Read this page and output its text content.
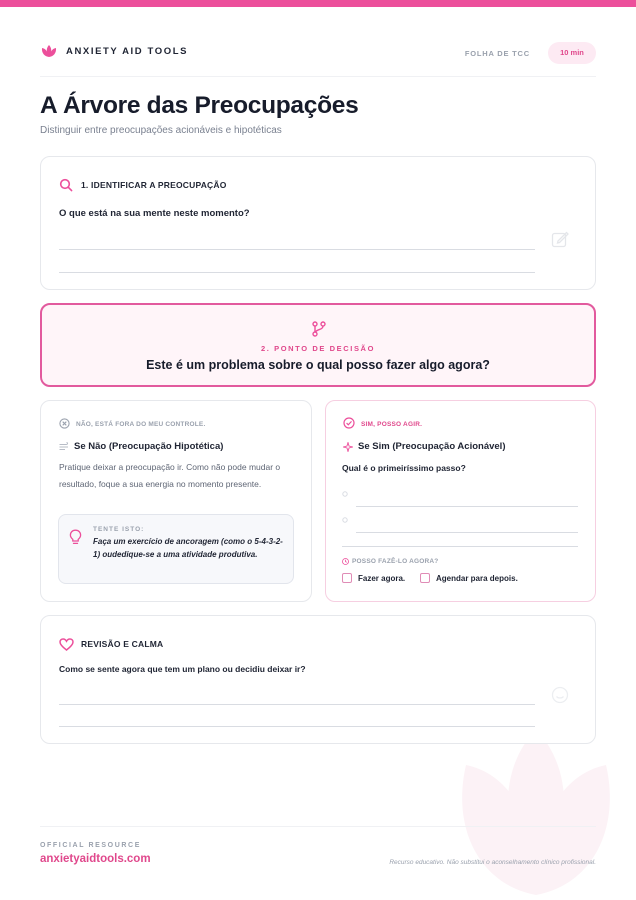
ANXIETY AID TOOLS	FOLHA DE TCC	10 min
A Árvore das Preocupações
Distinguir entre preocupações acionáveis e hipotéticas
1. IDENTIFICAR A PREOCUPAÇÃO
O que está na sua mente neste momento?
2. PONTO DE DECISÃO
Este é um problema sobre o qual posso fazer algo agora?
NÃO, ESTÁ FORA DO MEU CONTROLE.
Se Não (Preocupação Hipotética)
Pratique deixar a preocupação ir. Como não pode mudar o resultado, foque a sua energia no momento presente.
TENTE ISTO:
Faça um exercício de ancoragem (como o 5-4-3-2-1) oudedique-se a uma atividade produtiva.
SIM, POSSO AGIR.
Se Sim (Preocupação Acionável)
Qual é o primeiríssimo passo?
POSSO FAZÊ-LO AGORA?
Fazer agora.	Agendar para depois.
REVISÃO E CALMA
Como se sente agora que tem um plano ou decidiu deixar ir?
OFFICIAL RESOURCE
anxietyaidtools.com	Recurso educativo. Não substitui o aconselhamento clínico profissional.
